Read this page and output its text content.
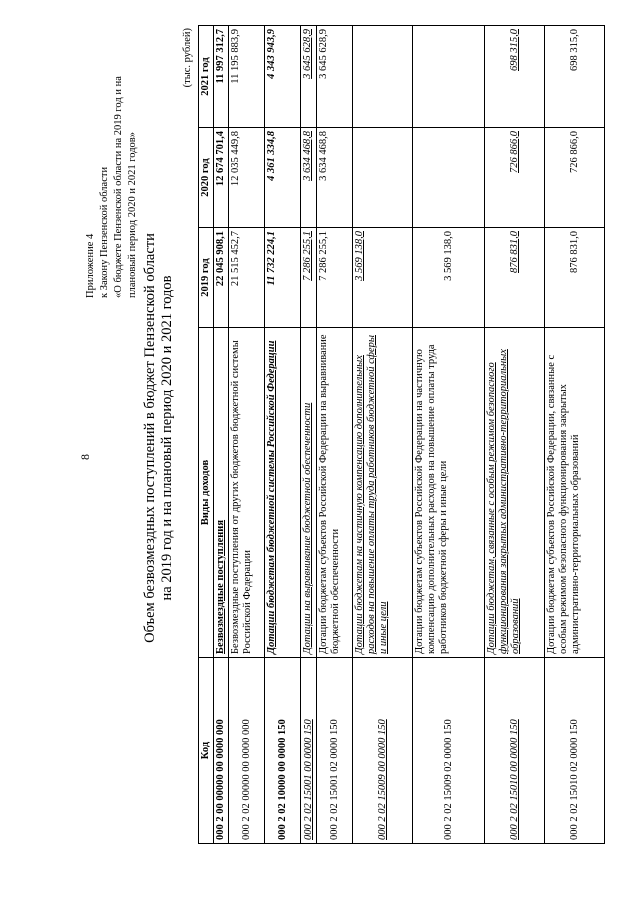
8
Приложение 4 к Закону Пензенской области «О бюджете Пензенской области на 2019 год и на плановый период 2020 и 2021 годов»
Объем безвозмездных поступлений в бюджет Пензенской области на 2019 год и на плановый период 2020 и 2021 годов
(тыс. рублей)
Код	Виды доходов	2019 год	2020 год	2021 год
000 2 00 00000 00 0000 000	Безвозмездные поступления	22 045 908,1	12 674 701,4	11 997 312,7
000 2 02 00000 00 0000 000	Безвозмездные поступления от других бюджетов бюджетной системы Российской Федерации	21 515 452,7	12 035 449,8	11 195 883,9
000 2 02 10000 00 0000 150	Дотации бюджетам бюджетной системы Российской Федерации	11 732 224,1	4 361 334,8	4 343 943,9
000 2 02 15001 00 0000 150	Дотации на выравнивание бюджетной обеспеченности	7 286 255,1	3 634 468,8	3 645 628,9
000 2 02 15001 02 0000 150	Дотации бюджетам субъектов Российской Федерации на выравнивание бюджетной обеспеченности	7 286 255,1	3 634 468,8	3 645 628,9
000 2 02 15009 00 0000 150	Дотации бюджетам на частичную компенсацию дополнительных расходов на повышение оплаты труда работников бюджетной сферы и иные цели	3 569 138,0		
000 2 02 15009 02 0000 150	Дотации бюджетам субъектов Российской Федерации на частичную компенсацию дополнительных расходов на повышение оплаты труда работников бюджетной сферы и иные цели	3 569 138,0		
000 2 02 15010 00 0000 150	Дотации бюджетам, связанные с особым режимом безопасного функционирования закрытых административно-территориальных образований	876 831,0	726 866,0	698 315,0
000 2 02 15010 02 0000 150	Дотации бюджетам субъектов Российской Федерации, связанные с особым режимом безопасного функционирования закрытых административно-территориальных образований	876 831,0	726 866,0	698 315,0
